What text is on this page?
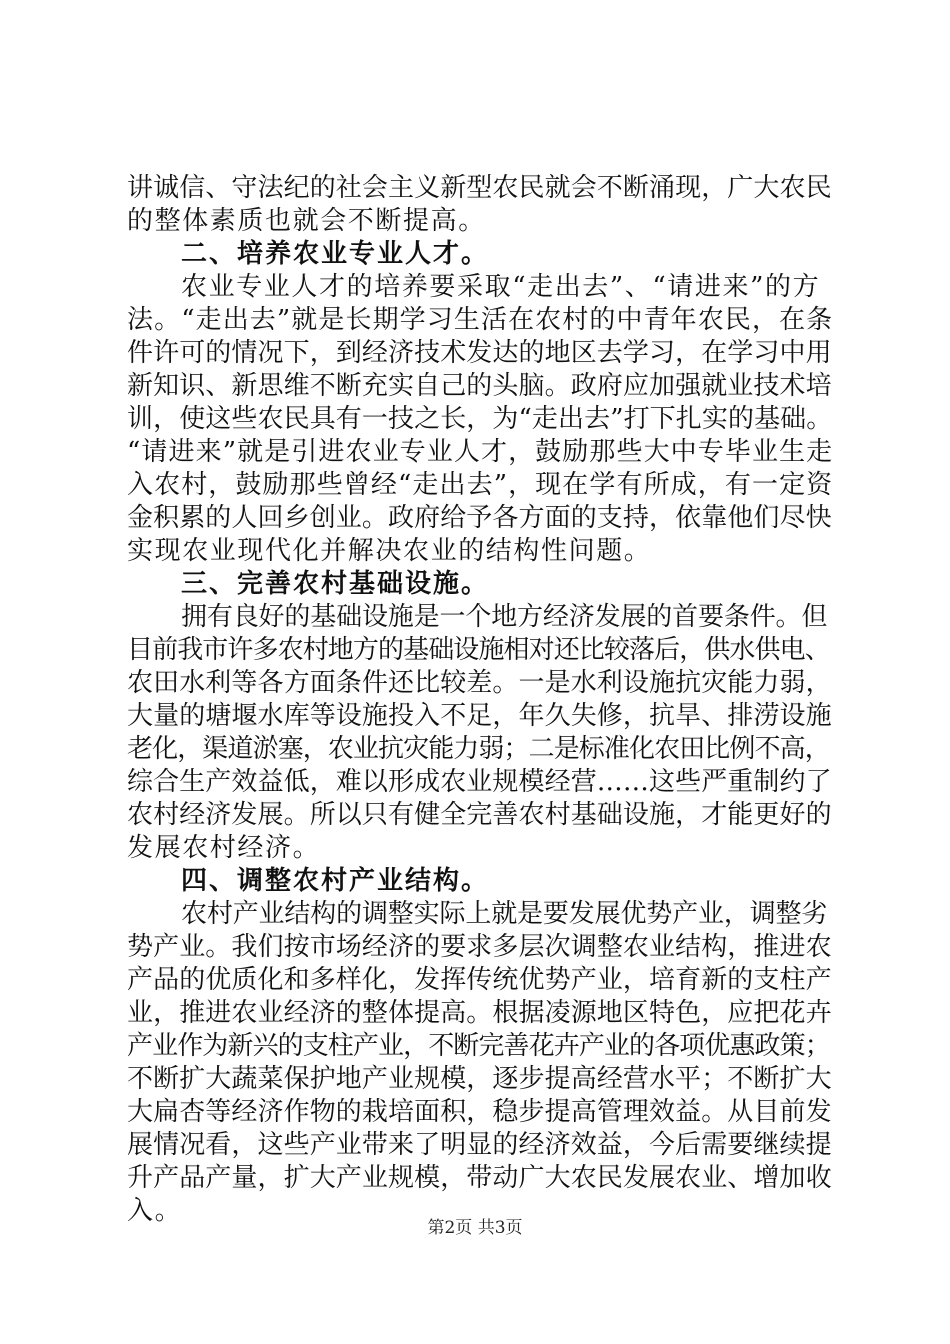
讲诚信、守法纪的社会主义新型农民就会不断涌现，广大农民
的整体素质也就会不断提高。
二、培养农业专业人才。
农业专业人才的培养要采取“走出去”、“请进来”的方
法。“走出去”就是长期学习生活在农村的中青年农民，在条
件许可的情况下，到经济技术发达的地区去学习，在学习中用
新知识、新思维不断充实自己的头脑。政府应加强就业技术培
训，使这些农民具有一技之长，为“走出去”打下扎实的基础。
“请进来”就是引进农业专业人才，鼓励那些大中专毕业生走
入农村，鼓励那些曾经“走出去”，现在学有所成，有一定资
金积累的人回乡创业。政府给予各方面的支持，依靠他们尽快
实现农业现代化并解决农业的结构性问题。
三、完善农村基础设施。
拥有良好的基础设施是一个地方经济发展的首要条件。但
目前我市许多农村地方的基础设施相对还比较落后，供水供电、
农田水利等各方面条件还比较差。一是水利设施抗灾能力弱，
大量的塘堰水库等设施投入不足，年久失修，抗旱、排涝设施
老化，渠道淤塞，农业抗灾能力弱；二是标准化农田比例不高，
综合生产效益低，难以形成农业规模经营……这些严重制约了
农村经济发展。所以只有健全完善农村基础设施，才能更好的
发展农村经济。
四、调整农村产业结构。
农村产业结构的调整实际上就是要发展优势产业，调整劣
势产业。我们按市场经济的要求多层次调整农业结构，推进农
产品的优质化和多样化，发挥传统优势产业，培育新的支柱产
业，推进农业经济的整体提高。根据凌源地区特色，应把花卉
产业作为新兴的支柱产业，不断完善花卉产业的各项优惠政策；
不断扩大蔬菜保护地产业规模，逐步提高经营水平；不断扩大
大扁杏等经济作物的栽培面积，稳步提高管理效益。从目前发
展情况看，这些产业带来了明显的经济效益，今后需要继续提
升产品产量，扩大产业规模，带动广大农民发展农业、增加收
入。
第2页 共3页
